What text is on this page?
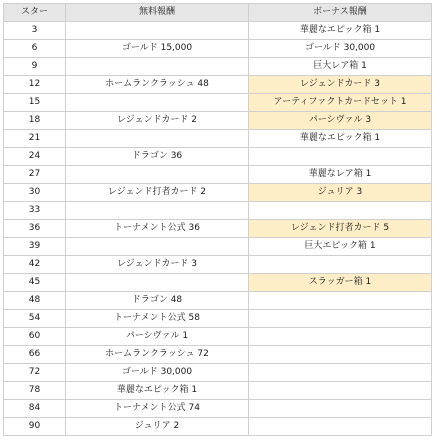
スター	無料報酬	ボーナス報酬
3		華麗なエピック箱 1
6	ゴールド 15,000	ゴールド 30,000
9		巨大レア箱 1
12	ホームランクラッシュ 48	レジェンドカード 3
15		アーティファクトカードセット 1
18	レジェンドカード 2	パーシヴァル 3
21		華麗なエピック箱 1
24	ドラゴン 36	
27		華麗なレア箱 1
30	レジェンド打者カード 2	ジュリア 3
33		
36	トーナメント公式 36	レジェンド打者カード 5
39		巨大エピック箱 1
42	レジェンドカード 3	
45		スラッガー箱 1
48	ドラゴン 48	
54	トーナメント公式 58	
60	パーシヴァル 1	
66	ホームランクラッシュ 72	
72	ゴールド 30,000	
78	華麗なエピック箱 1	
84	トーナメント公式 74	
90	ジュリア 2	
